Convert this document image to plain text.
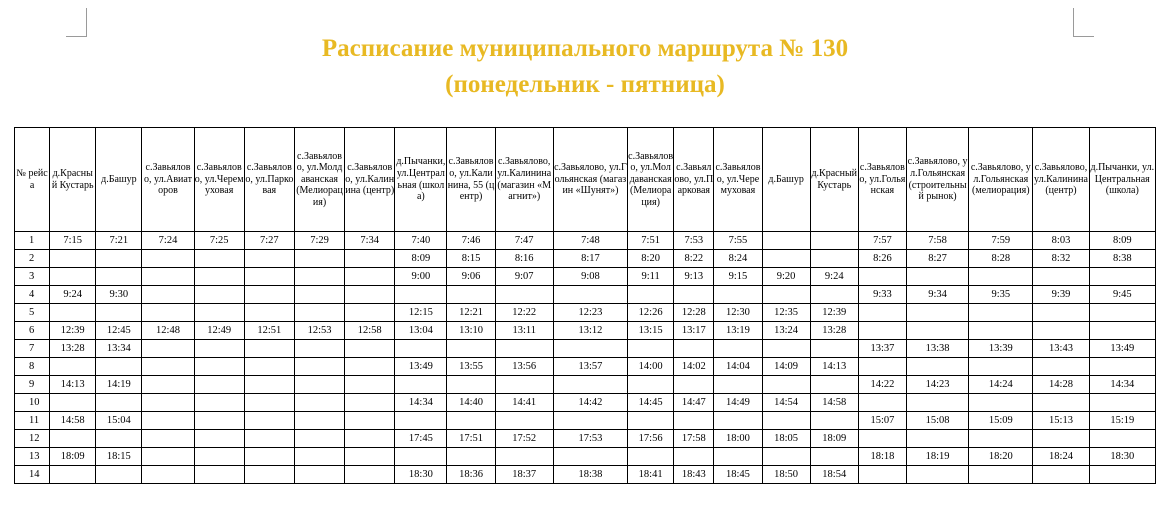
Расписание муниципального маршрута № 130
(понедельник - пятница)
№ рейса	д.Красный Кустарь	д.Башур	с.Завьялово, ул.Авиаторов	с.Завьялово, ул.Черемуховая	с.Завьялово, ул.Парковая	с.Завьялово, ул.Молдаванская (Мелиорация)	с.Завьялово, ул.Калинина (центр)	д.Пычанки, ул.Центральная (школа)	с.Завьялово, ул.Калинина, 55 (центр)	с.Завьялово, ул.Калинина (магазин «Магнит»)	с.Завьялово, ул.Гольянская (магазин «Шунят»)	с.Завьялово, ул.Молдаванская (Мелиорация)	с.Завьялово, ул.Парковая	с.Завьялово, ул.Черемуховая	д.Башур	д.Красный Кустарь	с.Завьялово, ул.Гольянская	с.Завьялово, ул.Гольянская (строительный рынок)	с.Завьялово, ул.Гольянская (мелиорация)	с.Завьялово, ул.Калинина (центр)	д.Пычанки, ул.Центральная (школа)
1	7:15	7:21	7:24	7:25	7:27	7:29	7:34	7:40	7:46	7:47	7:48	7:51	7:53	7:55			7:57	7:58	7:59	8:03	8:09
2								8:09	8:15	8:16	8:17	8:20	8:22	8:24			8:26	8:27	8:28	8:32	8:38
3								9:00	9:06	9:07	9:08	9:11	9:13	9:15	9:20	9:24					
4	9:24	9:30															9:33	9:34	9:35	9:39	9:45
5								12:15	12:21	12:22	12:23	12:26	12:28	12:30	12:35	12:39					
6	12:39	12:45	12:48	12:49	12:51	12:53	12:58	13:04	13:10	13:11	13:12	13:15	13:17	13:19	13:24	13:28					
7	13:28	13:34															13:37	13:38	13:39	13:43	13:49
8								13:49	13:55	13:56	13:57	14:00	14:02	14:04	14:09	14:13					
9	14:13	14:19															14:22	14:23	14:24	14:28	14:34
10								14:34	14:40	14:41	14:42	14:45	14:47	14:49	14:54	14:58					
11	14:58	15:04															15:07	15:08	15:09	15:13	15:19
12								17:45	17:51	17:52	17:53	17:56	17:58	18:00	18:05	18:09					
13	18:09	18:15															18:18	18:19	18:20	18:24	18:30
14								18:30	18:36	18:37	18:38	18:41	18:43	18:45	18:50	18:54					
